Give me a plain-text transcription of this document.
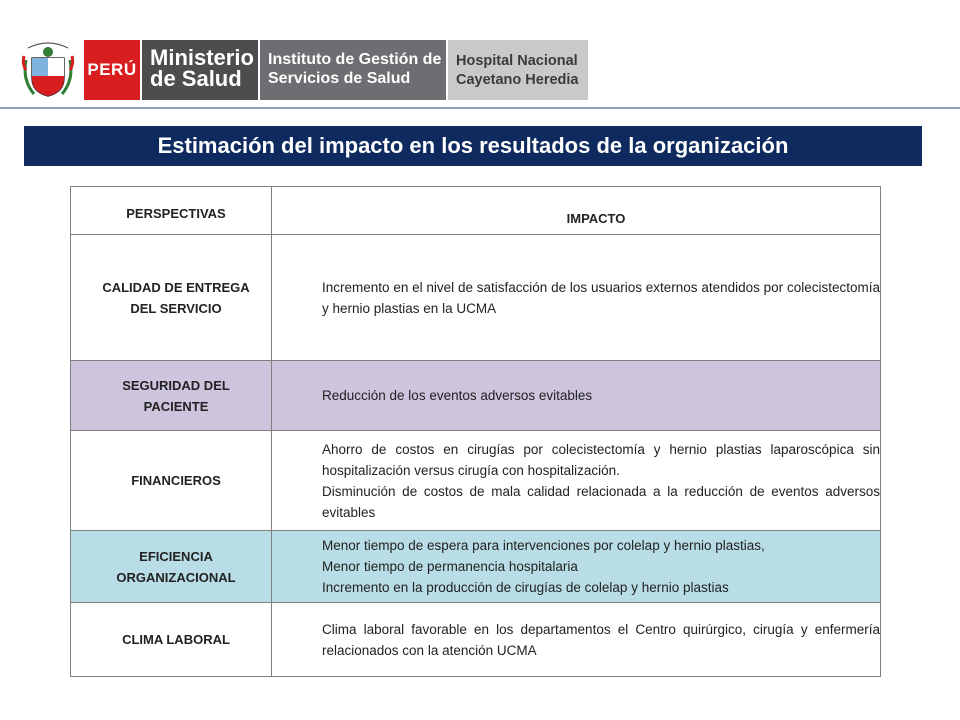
PERÚ Ministerio
de Salud
Instituto de Gestión de
Servicios de Salud
Hospital Nacional
Cayetano Heredia
Estimación del impacto en los resultados de la organización
PERSPECTIVAS	IMPACTO
CALIDAD DE ENTREGA DEL SERVICIO	Incremento en el nivel de satisfacción de los usuarios externos atendidos por colecistectomía y hernio plastias en la UCMA

SEGURIDAD DEL PACIENTE	Reducción de los eventos adversos evitables

FINANCIEROS	Ahorro de costos en cirugías por colecistectomía y hernio plastias laparoscópica sin hospitalización versus cirugía con hospitalización.
Disminución de costos de mala calidad relacionada a la reducción de eventos adversos evitables

EFICIENCIA ORGANIZACIONAL	Menor tiempo de espera para intervenciones por colelap y hernio plastias,
Menor tiempo de permanencia hospitalaria
Incremento en la producción de cirugías de colelap y hernio plastias

CLIMA LABORAL	Clima laboral favorable en los departamentos el Centro quirúrgico, cirugía y enfermería relacionados con la atención UCMA
